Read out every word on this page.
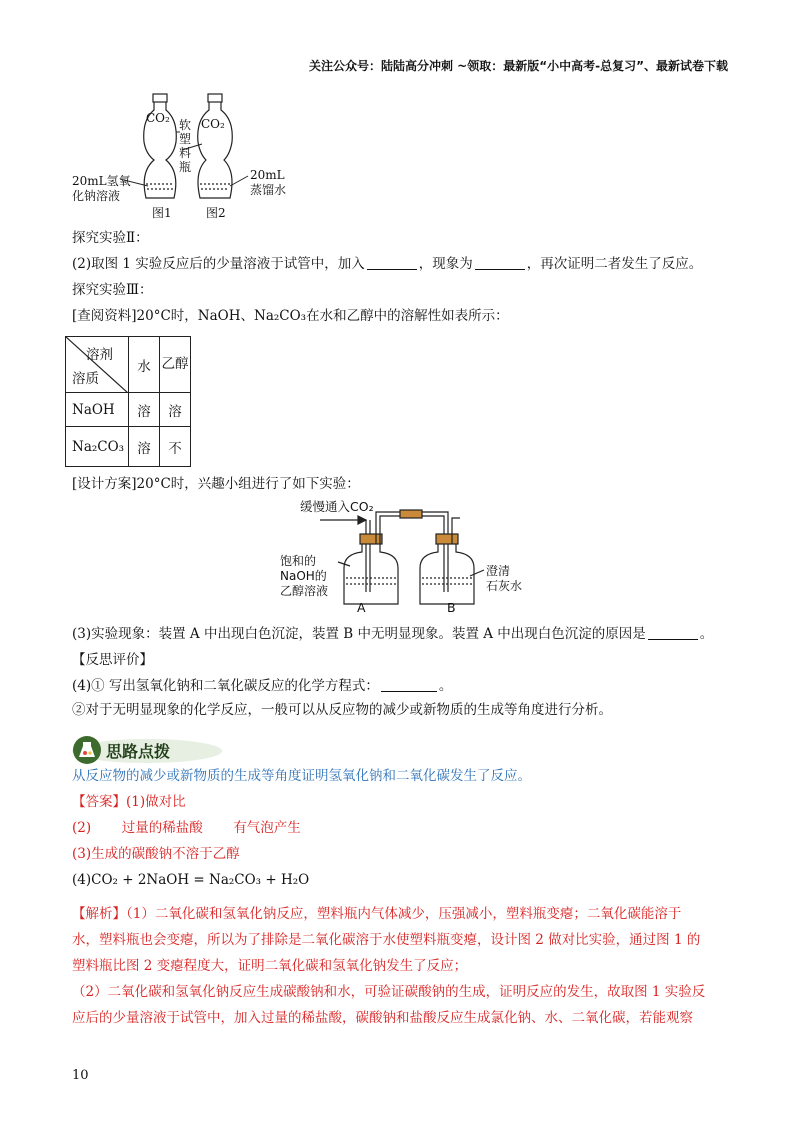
关注公众号：陆陆高分冲刺 ~领取：最新版“小中高考-总复习”、最新试卷下载
CO₂	CO₂
软
塑
料
瓶
20mL氢氧
化钠溶液
20mL
蒸馏水
图1	图2
探究实验Ⅱ：
(2)取图 1 实验反应后的少量溶液于试管中，加入	，现象为	，再次证明二者发生了反应。
探究实验Ⅲ：
[查阅资料]20°C时，NaOH、Na₂CO₃在水和乙醇中的溶解性如表所示：
溶剂
溶质	水	乙醇
NaOH	溶	溶
Na₂CO₃	溶	不
[设计方案]20°C时，兴趣小组进行了如下实验：
缓慢通入CO₂
饱和的
NaOH的
乙醇溶液
澄清
石灰水
A	B
(3)实验现象：装置 A 中出现白色沉淀，装置 B 中无明显现象。装置 A 中出现白色沉淀的原因是	。
【反思评价】
(4)① 写出氢氧化钠和二氧化碳反应的化学方程式：	。
②对于无明显现象的化学反应，一般可以从反应物的减少或新物质的生成等角度进行分析。
思路点拨
从反应物的减少或新物质的生成等角度证明氢氧化钠和二氧化碳发生了反应。
【答案】(1)做对比
(2) 过量的稀盐酸 有气泡产生
(3)生成的碳酸钠不溶于乙醇
(4)CO₂ + 2NaOH = Na₂CO₃ + H₂O
【解析】（1）二氧化碳和氢氧化钠反应，塑料瓶内气体减少，压强减小，塑料瓶变瘪；二氧化碳能溶于
水，塑料瓶也会变瘪，所以为了排除是二氧化碳溶于水使塑料瓶变瘪，设计图 2 做对比实验，通过图 1 的
塑料瓶比图 2 变瘪程度大，证明二氧化碳和氢氧化钠发生了反应；
（2）二氧化碳和氢氧化钠反应生成碳酸钠和水，可验证碳酸钠的生成，证明反应的发生，故取图 1 实验反
应后的少量溶液于试管中，加入过量的稀盐酸，碳酸钠和盐酸反应生成氯化钠、水、二氧化碳，若能观察
10
